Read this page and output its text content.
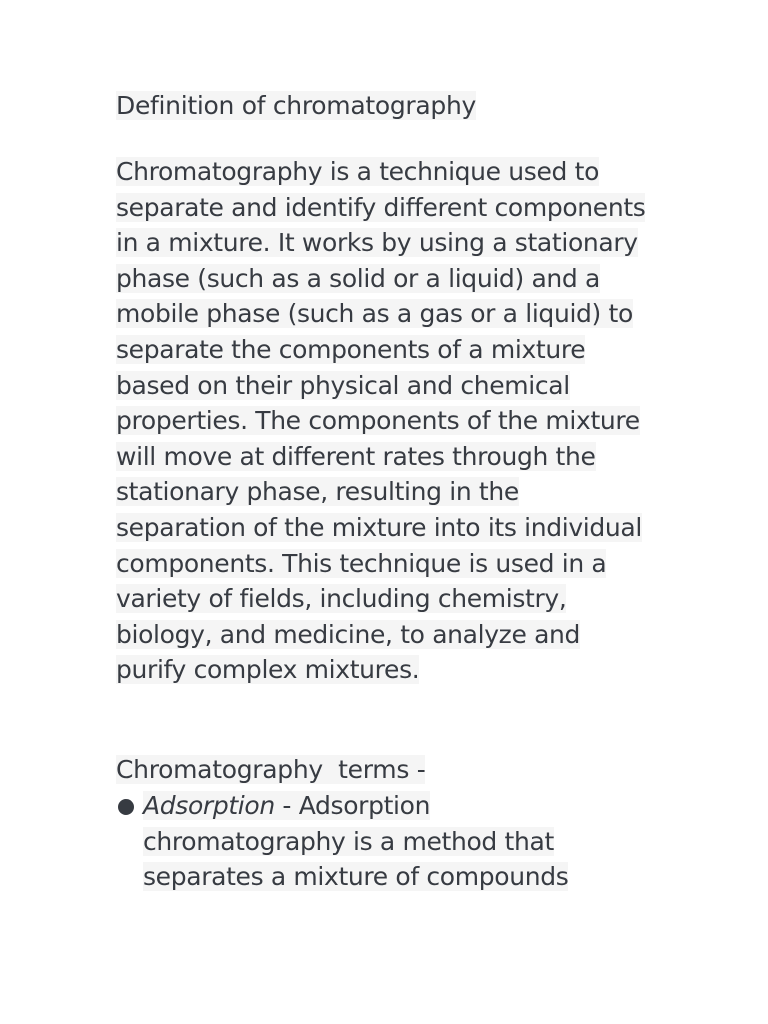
Definition of chromatography

Chromatography is a technique used to separate and identify different components in a mixture. It works by using a stationary phase (such as a solid or a liquid) and a mobile phase (such as a gas or a liquid) to separate the components of a mixture based on their physical and chemical properties. The components of the mixture will move at different rates through the stationary phase, resulting in the separation of the mixture into its individual components. This technique is used in a variety of fields, including chemistry, biology, and medicine, to analyze and purify complex mixtures.

Chromatography  terms -
Adsorption - Adsorption chromatography is a method that separates a mixture of compounds
